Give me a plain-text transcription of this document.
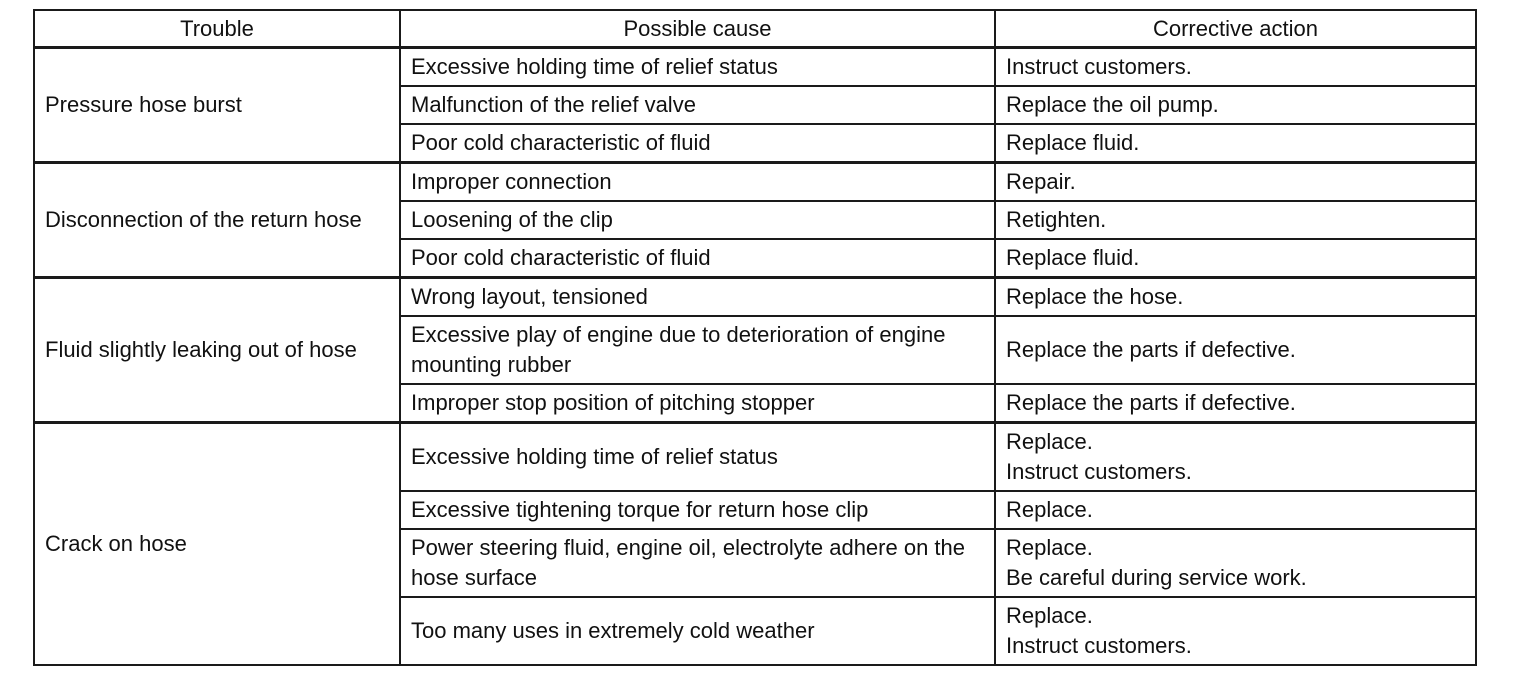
Trouble	Possible cause	Corrective action
Pressure hose burst	Excessive holding time of relief status	Instruct customers.

	Malfunction of the relief valve	Replace the oil pump.

	Poor cold characteristic of fluid	Replace fluid.

Disconnection of the return hose	Improper connection	Repair.

	Loosening of the clip	Retighten.

	Poor cold characteristic of fluid	Replace fluid.

Fluid slightly leaking out of hose	Wrong layout, tensioned	Replace the hose.

	Excessive play of engine due to deterioration of engine mounting rubber	Replace the parts if defective.

	Improper stop position of pitching stopper	Replace the parts if defective.

Crack on hose	Excessive holding time of relief status	Replace.
Instruct customers.

	Excessive tightening torque for return hose clip	Replace.

	Power steering fluid, engine oil, electrolyte adhere on the hose surface	Replace.
Be careful during service work.

	Too many uses in extremely cold weather	Replace.
Instruct customers.
